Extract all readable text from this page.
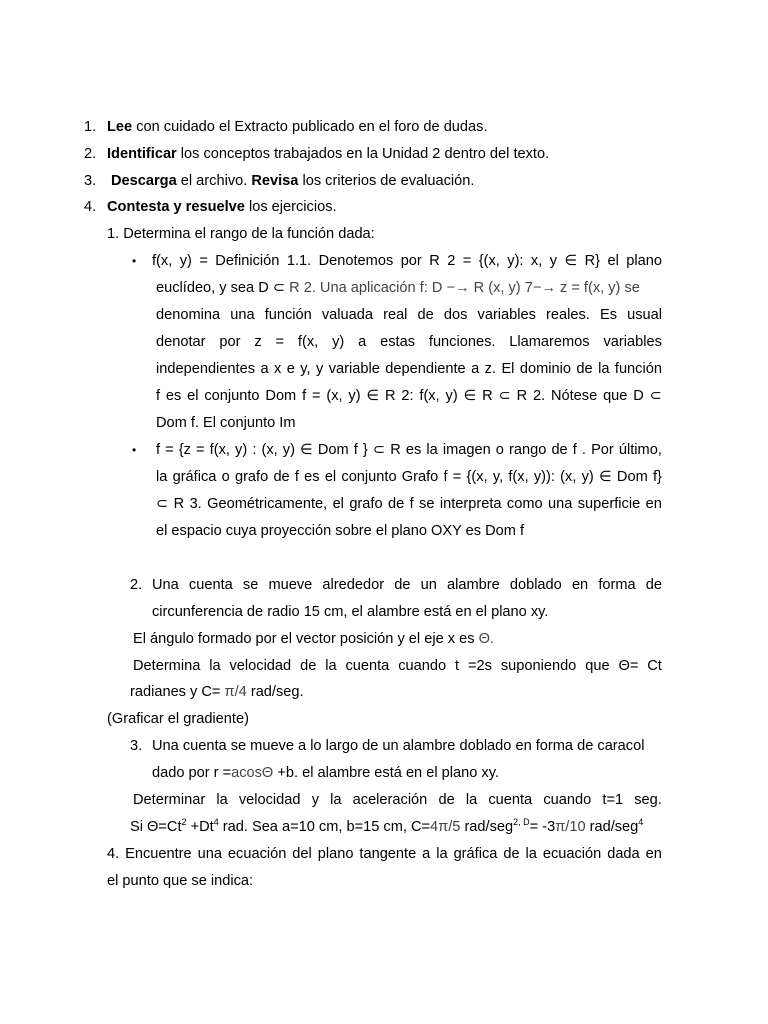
1. Lee con cuidado el Extracto publicado en el foro de dudas.
2. Identificar los conceptos trabajados en la Unidad 2 dentro del texto.
3. Descarga el archivo. Revisa los criterios de evaluación.
4. Contesta y resuelve los ejercicios.
1. Determina el rango de la función dada:
• f(x, y) = Definición 1.1. Denotemos por R 2 = {(x, y): x, y ∈ R} el plano
euclídeo, y sea D ⊂ R 2. Una aplicación f: D −→ R (x, y) 7−→ z = f(x, y) se
denomina una función valuada real de dos variables reales. Es usual
denotar por z = f(x, y) a estas funciones. Llamaremos variables
independientes a x e y, y variable dependiente a z. El dominio de la función
f es el conjunto Dom f = (x, y) ∈ R 2: f(x, y) ∈ R ⊂ R 2. Nótese que D ⊂
Dom f. El conjunto Im
• f = {z = f(x, y) : (x, y) ∈ Dom f } ⊂ R es la imagen o rango de f . Por último,
la gráfica o grafo de f es el conjunto Grafo f = {(x, y, f(x, y)): (x, y) ∈ Dom f}
⊂ R 3. Geométricamente, el grafo de f se interpreta como una superficie en
el espacio cuya proyección sobre el plano OXY es Dom f
2. Una cuenta se mueve alrededor de un alambre doblado en forma de
circunferencia de radio 15 cm, el alambre está en el plano xy.
El ángulo formado por el vector posición y el eje x es Θ.
Determina la velocidad de la cuenta cuando t =2s suponiendo que Θ= Ct
radianes y C= π/4 rad/seg.
(Graficar el gradiente)
3. Una cuenta se mueve a lo largo de un alambre doblado en forma de caracol
dado por r =acosΘ +b. el alambre está en el plano xy.
Determinar la velocidad y la aceleración de la cuenta cuando t=1 seg.
Si $\Theta=Ct^2 +Dt^4$ rad. Sea a=10 cm, b=15 cm, C=4π/5 rad/seg$^{2, D}$= -3π/10 rad/seg$^4$
4. Encuentre una ecuación del plano tangente a la gráfica de la ecuación dada en
el punto que se indica:
